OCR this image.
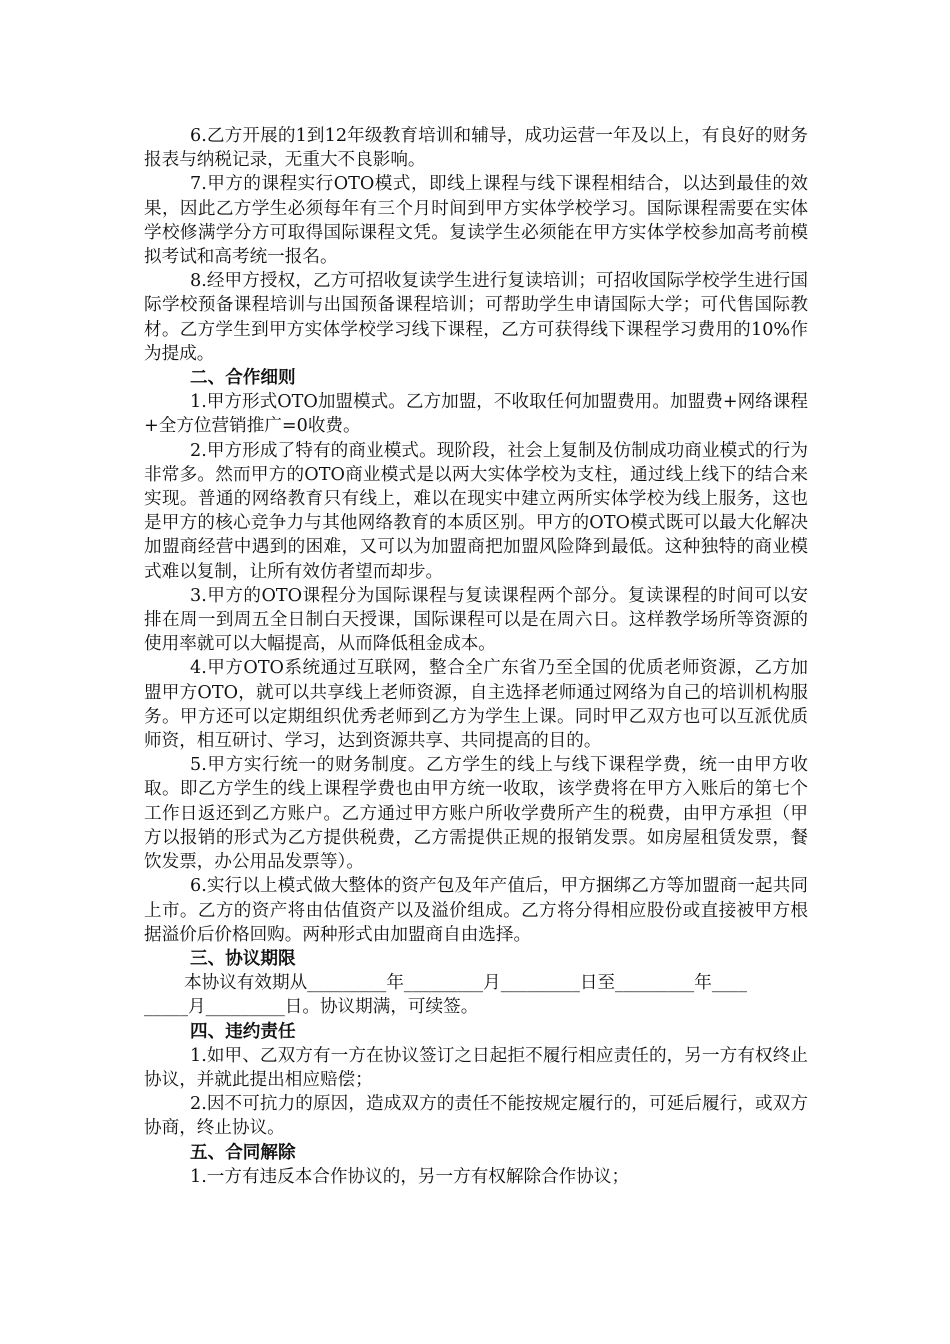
6.乙方开展的1到12年级教育培训和辅导，成功运营一年及以上，有良好的财务报表与纳税记录，无重大不良影响。

7.甲方的课程实行OTO模式，即线上课程与线下课程相结合，以达到最佳的效果，因此乙方学生必须每年有三个月时间到甲方实体学校学习。国际课程需要在实体学校修满学分方可取得国际课程文凭。复读学生必须能在甲方实体学校参加高考前模拟考试和高考统一报名。

8.经甲方授权，乙方可招收复读学生进行复读培训；可招收国际学校学生进行国际学校预备课程培训与出国预备课程培训；可帮助学生申请国际大学；可代售国际教材。乙方学生到甲方实体学校学习线下课程，乙方可获得线下课程学习费用的10%作为提成。

二、合作细则

1.甲方形式OTO加盟模式。乙方加盟，不收取任何加盟费用。加盟费+网络课程+全方位营销推广=0收费。

2.甲方形成了特有的商业模式。现阶段，社会上复制及仿制成功商业模式的行为非常多。然而甲方的OTO商业模式是以两大实体学校为支柱，通过线上线下的结合来实现。普通的网络教育只有线上，难以在现实中建立两所实体学校为线上服务，这也是甲方的核心竞争力与其他网络教育的本质区别。甲方的OTO模式既可以最大化解决加盟商经营中遇到的困难，又可以为加盟商把加盟风险降到最低。这种独特的商业模式难以复制，让所有效仿者望而却步。

3.甲方的OTO课程分为国际课程与复读课程两个部分。复读课程的时间可以安排在周一到周五全日制白天授课，国际课程可以是在周六日。这样教学场所等资源的使用率就可以大幅提高，从而降低租金成本。

4.甲方OTO系统通过互联网，整合全广东省乃至全国的优质老师资源，乙方加盟甲方OTO，就可以共享线上老师资源，自主选择老师通过网络为自己的培训机构服务。甲方还可以定期组织优秀老师到乙方为学生上课。同时甲乙双方也可以互派优质师资，相互研讨、学习，达到资源共享、共同提高的目的。

5.甲方实行统一的财务制度。乙方学生的线上与线下课程学费，统一由甲方收取。即乙方学生的线上课程学费也由甲方统一收取，该学费将在甲方入账后的第七个工作日返还到乙方账户。乙方通过甲方账户所收学费所产生的税费，由甲方承担（甲方以报销的形式为乙方提供税费，乙方需提供正规的报销发票。如房屋租赁发票，餐饮发票，办公用品发票等）。

6.实行以上模式做大整体的资产包及年产值后，甲方捆绑乙方等加盟商一起共同上市。乙方的资产将由估值资产以及溢价组成。乙方将分得相应股份或直接被甲方根据溢价后价格回购。两种形式由加盟商自由选择。

三、协议期限

本协议有效期从_________年_________月_________日至_________年____

_____月_________日。协议期满，可续签。

四、违约责任

1.如甲、乙双方有一方在协议签订之日起拒不履行相应责任的，另一方有权终止协议，并就此提出相应赔偿；

2.因不可抗力的原因，造成双方的责任不能按规定履行的，可延后履行，或双方协商，终止协议。

五、合同解除

1.一方有违反本合作协议的，另一方有权解除合作协议；
